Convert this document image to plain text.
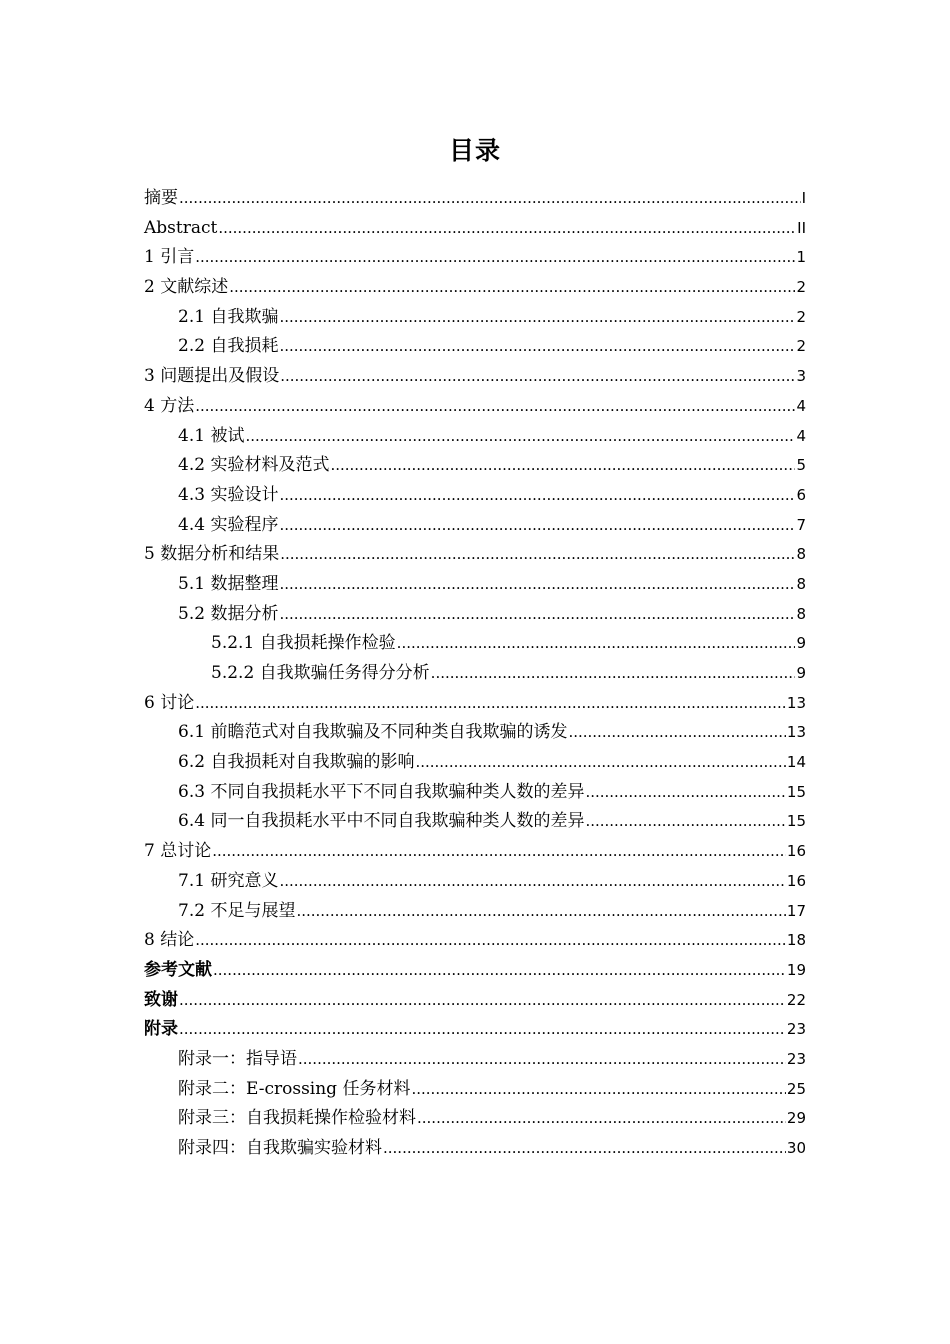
目录
摘要 .....	I
Abstract .....	II
1 引言 .....	1
2 文献综述 .....	2
2.1 自我欺骗 .....	2
2.2 自我损耗 .....	2
3 问题提出及假设 .....	3
4 方法 .....	4
4.1 被试 .....	4
4.2 实验材料及范式 .....	5
4.3 实验设计 .....	6
4.4 实验程序 .....	7
5 数据分析和结果 .....	8
5.1 数据整理 .....	8
5.2 数据分析 .....	8
5.2.1 自我损耗操作检验 .....	9
5.2.2 自我欺骗任务得分分析 .....	9
6 讨论 .....	13
6.1 前瞻范式对自我欺骗及不同种类自我欺骗的诱发 .....	13
6.2 自我损耗对自我欺骗的影响 .....	14
6.3 不同自我损耗水平下不同自我欺骗种类人数的差异 .....	15
6.4 同一自我损耗水平中不同自我欺骗种类人数的差异 .....	15
7 总讨论 .....	16
7.1 研究意义 .....	16
7.2 不足与展望 .....	17
8 结论 .....	18
参考文献 .....	19
致谢 .....	22
附录 .....	23
附录一：指导语 .....	23
附录二：E-crossing 任务材料 .....	25
附录三：自我损耗操作检验材料 .....	29
附录四：自我欺骗实验材料 .....	30
